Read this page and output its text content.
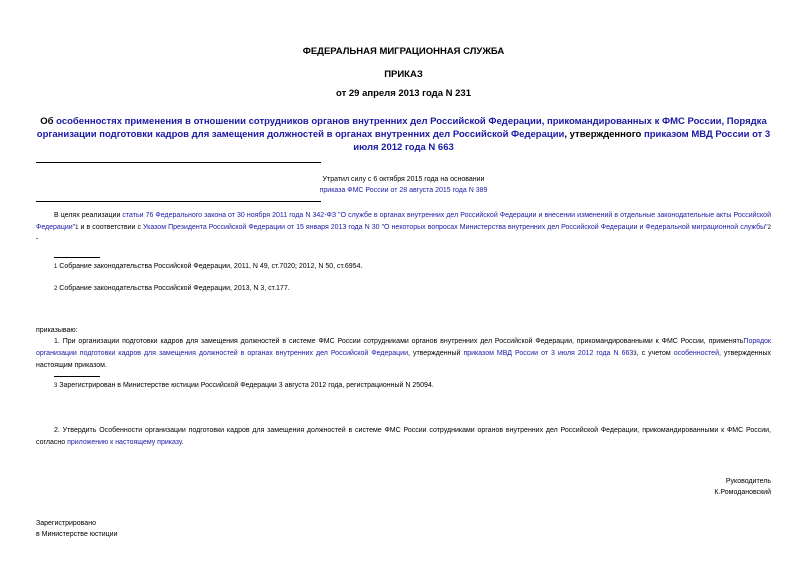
ФЕДЕРАЛЬНАЯ МИГРАЦИОННАЯ СЛУЖБА
ПРИКАЗ
от 29 апреля 2013 года N 231
Об особенностях применения в отношении сотрудников органов внутренних дел Российской Федерации, прикомандированных к ФМС России, Порядка организации подготовки кадров для замещения должностей в органах внутренних дел Российской Федерации, утвержденного приказом МВД России от 3 июля 2012 года N 663
Утратил силу с 6 октября 2015 года на основании
приказа ФМС России от 28 августа 2015 года N 389
В целях реализации статьи 76 Федерального закона от 30 ноября 2011 года N 342-ФЗ "О службе в органах внутренних дел Российской Федерации и внесении изменений в отдельные законодательные акты Российской Федерации"1 и в соответствии с Указом Президента Российской Федерации от 15 января 2013 года N 30 "О некоторых вопросах Министерства внутренних дел Российской Федерации и Федеральной миграционной службы"2 -
1 Собрание законодательства Российской Федерации, 2011, N 49, ст.7020; 2012, N 50, ст.6954.
2 Собрание законодательства Российской Федерации, 2013, N 3, ст.177.
приказываю:
1. При организации подготовки кадров для замещения должностей в системе ФМС России сотрудниками органов внутренних дел Российской Федерации, прикомандированными к ФМС России, применятьПорядок организации подготовки кадров для замещения должностей в органах внутренних дел Российской Федерации, утвержденный приказом МВД России от 3 июля 2012 года N 6633, с учетом особенностей, утвержденных настоящим приказом.
3 Зарегистрирован в Министерстве юстиции Российской Федерации 3 августа 2012 года, регистрационный N 25094.
2. Утвердить Особенности организации подготовки кадров для замещения должностей в системе ФМС России сотрудниками органов внутренних дел Российской Федерации, прикомандированными к ФМС России, согласно приложению к настоящему приказу.
Руководитель
К.Ромодановский
Зарегистрировано
в Министерстве юстиции
